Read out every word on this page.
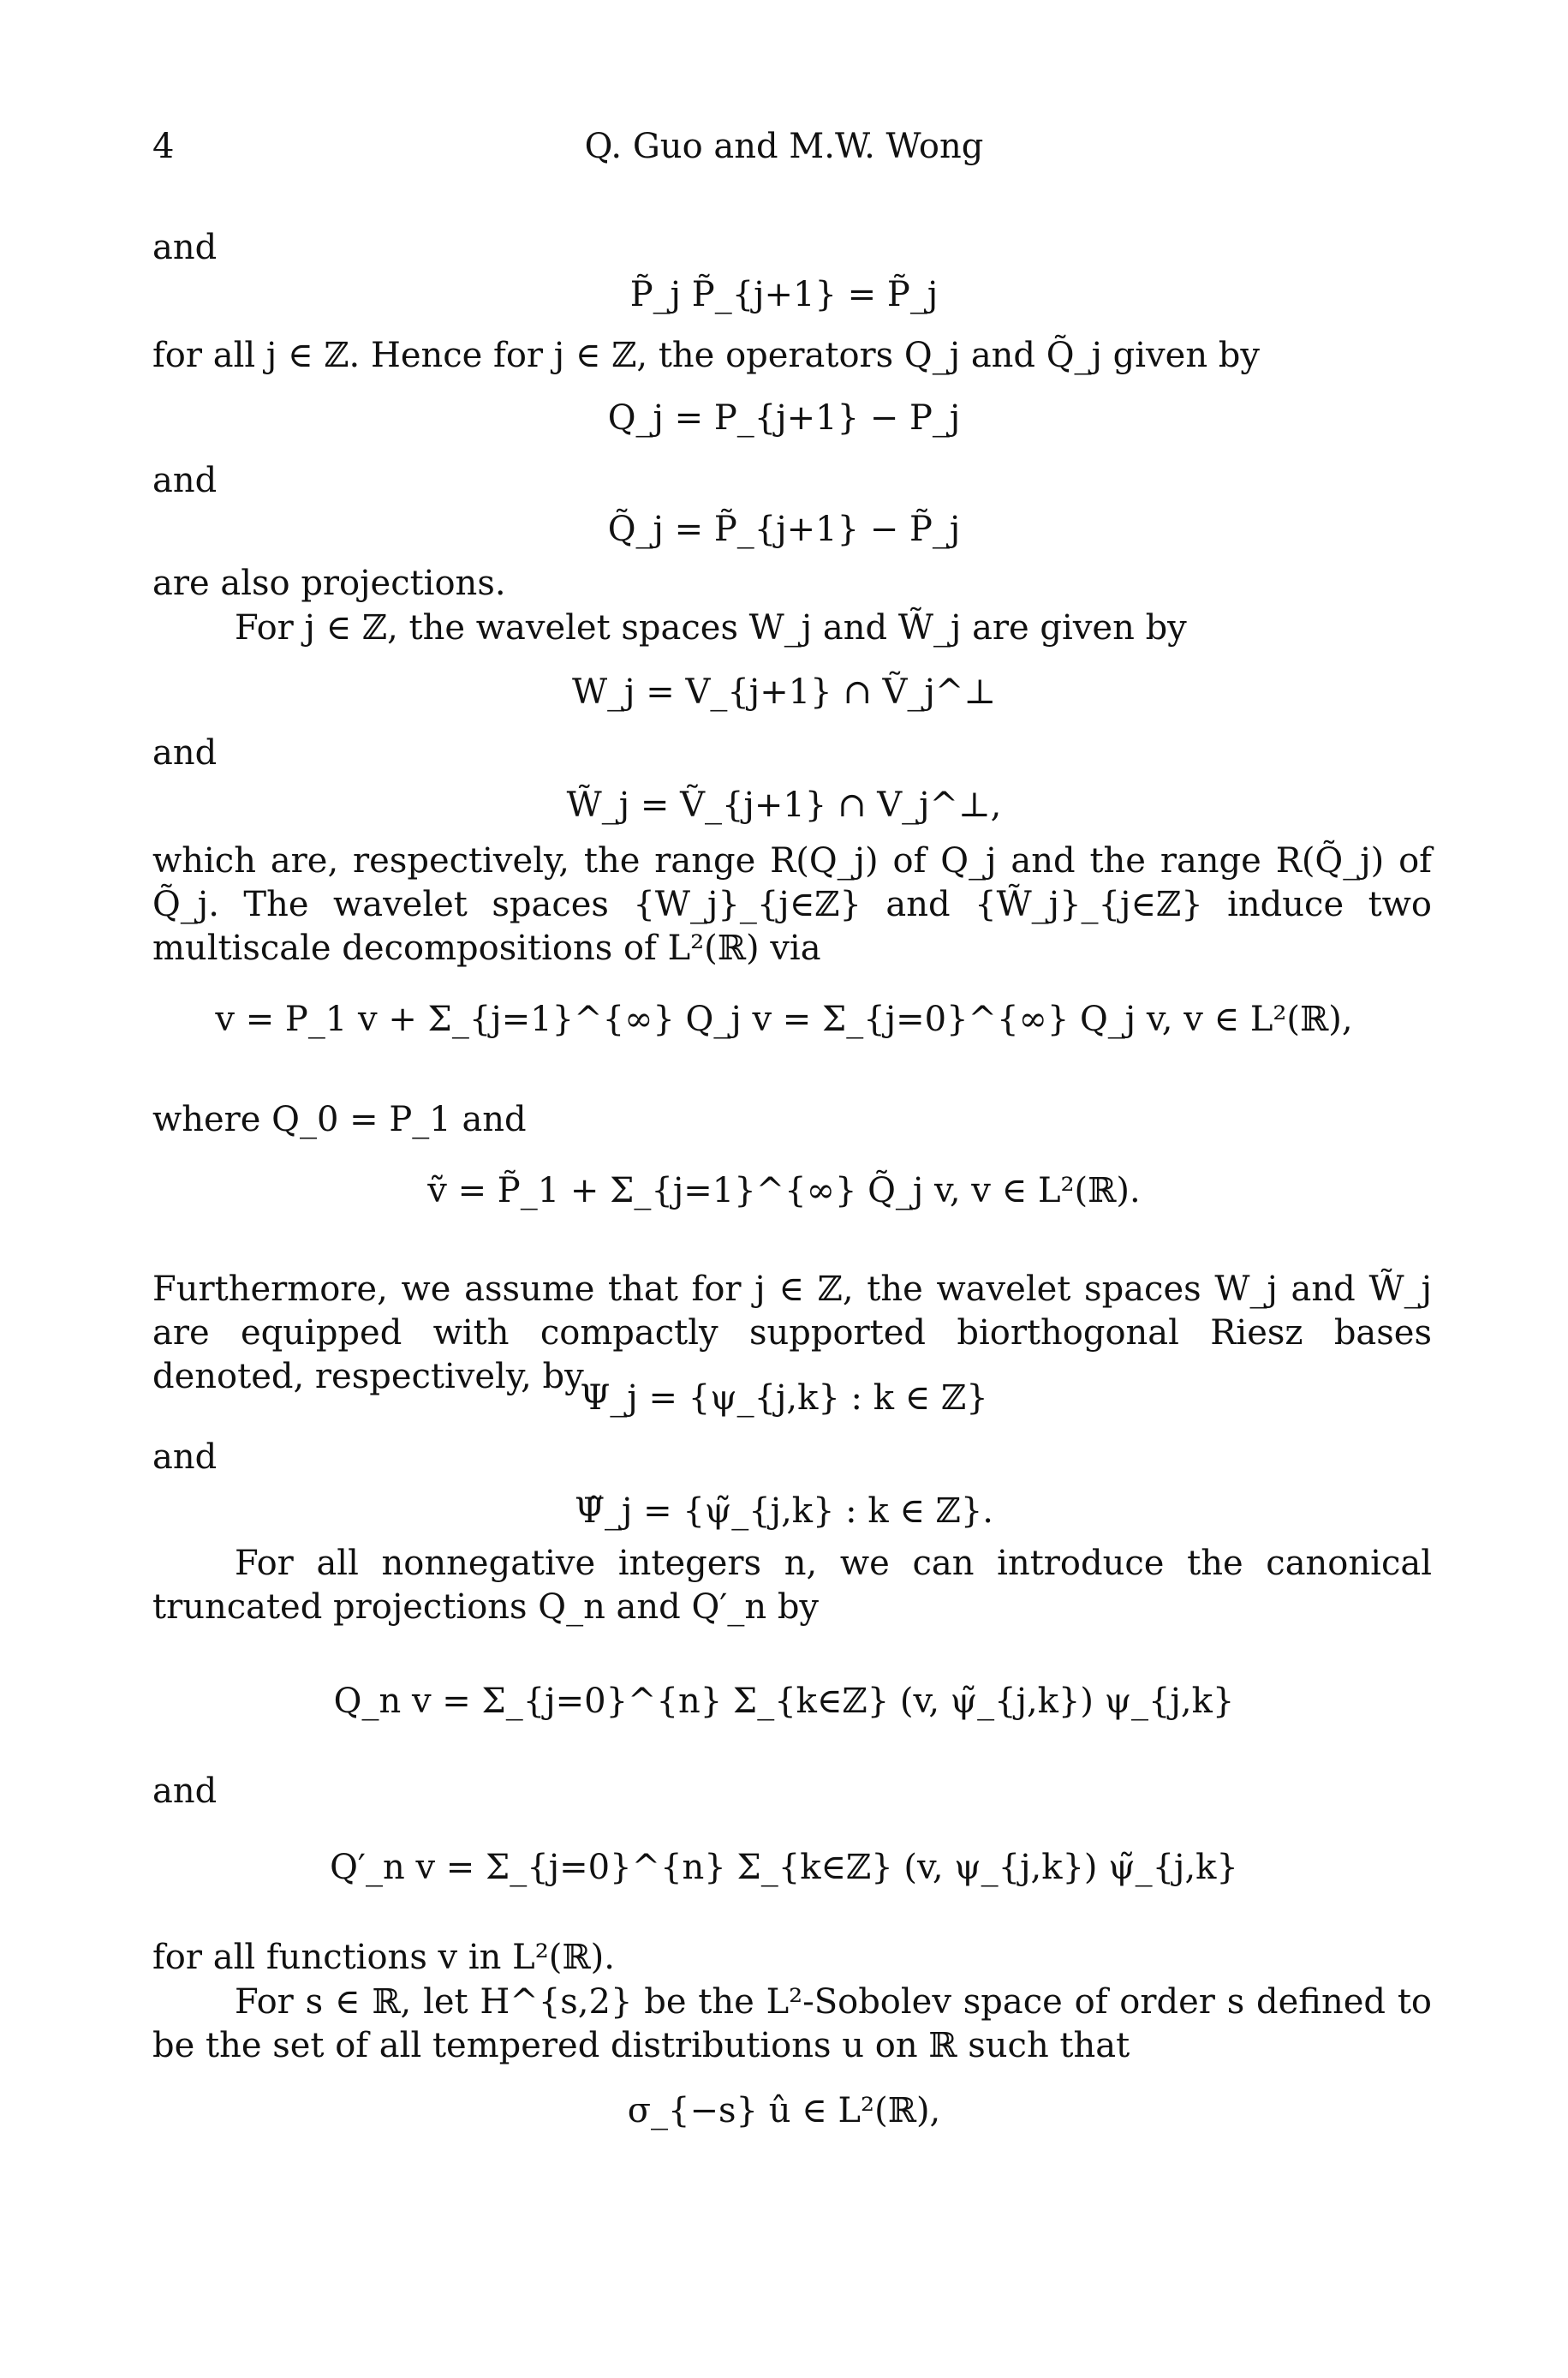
4	Q. Guo and M.W. Wong
and
P̃_j P̃_{j+1} = P̃_j
for all j ∈ ℤ. Hence for j ∈ ℤ, the operators Q_j and Q̃_j given by
Q_j = P_{j+1} − P_j
and
Q̃_j = P̃_{j+1} − P̃_j
are also projections.
For j ∈ ℤ, the wavelet spaces W_j and W̃_j are given by
W_j = V_{j+1} ∩ Ṽ_j^⊥
and
W̃_j = Ṽ_{j+1} ∩ V_j^⊥,
which are, respectively, the range R(Q_j) of Q_j and the range R(Q̃_j) of Q̃_j. The wavelet spaces {W_j}_{j∈ℤ} and {W̃_j}_{j∈ℤ} induce two multiscale decompositions of L²(ℝ) via
v = P_1 v + Σ_{j=1}^{∞} Q_j v = Σ_{j=0}^{∞} Q_j v, v ∈ L²(ℝ),
where Q_0 = P_1 and
ṽ = P̃_1 + Σ_{j=1}^{∞} Q̃_j v, v ∈ L²(ℝ).
Furthermore, we assume that for j ∈ ℤ, the wavelet spaces W_j and W̃_j are equipped with compactly supported biorthogonal Riesz bases denoted, respectively, by
Ψ_j = {ψ_{j,k} : k ∈ ℤ}
and
Ψ̃_j = {ψ̃_{j,k} : k ∈ ℤ}.
For all nonnegative integers n, we can introduce the canonical truncated projections Q_n and Q′_n by
Q_n v = Σ_{j=0}^{n} Σ_{k∈ℤ} (v, ψ̃_{j,k}) ψ_{j,k}
and
Q′_n v = Σ_{j=0}^{n} Σ_{k∈ℤ} (v, ψ_{j,k}) ψ̃_{j,k}
for all functions v in L²(ℝ).
For s ∈ ℝ, let H^{s,2} be the L²-Sobolev space of order s defined to be the set of all tempered distributions u on ℝ such that
σ_{−s} û ∈ L²(ℝ),
